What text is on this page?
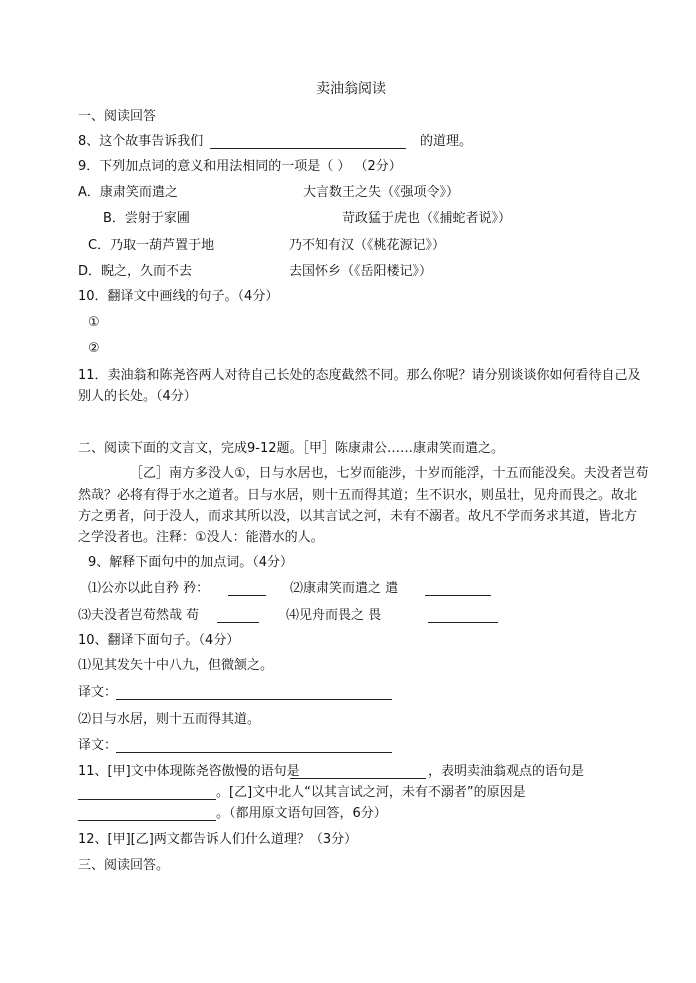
卖油翁阅读
一、阅读回答
8、这个故事告诉我们	的道理。
9．下列加点词的意义和用法相同的一项是（ ） （2分）
A．康肃笑而遣之	大言数王之失（《强项令》）
B．尝射于家圃	苛政猛于虎也（《捕蛇者说》）
C．乃取一葫芦置于地	乃不知有汉（《桃花源记》）
D．睨之，久而不去	去国怀乡（《岳阳楼记》）
10．翻译文中画线的句子。（4分）
①
②
11．卖油翁和陈尧咨两人对待自己长处的态度截然不同。那么你呢？请分别谈谈你如何看待自己及
别人的长处。（4分）
二、阅读下面的文言文，完成9-12题。［甲］陈康肃公……康肃笑而遣之。
［乙］南方多没人①，日与水居也，七岁而能涉，十岁而能浮，十五而能没矣。夫没者岂苟
然哉？必将有得于水之道者。日与水居，则十五而得其道；生不识水，则虽壮，见舟而畏之。故北
方之勇者，问于没人，而求其所以没，以其言试之河，未有不溺者。故凡不学而务求其道，皆北方
之学没者也。注释：①没人：能潜水的人。
9、解释下面句中的加点词。（4分）
⑴公亦以此自矜 矜：	⑵康肃笑而遣之 遣
⑶夫没者岂苟然哉 苟	⑷见舟而畏之 畏
10、翻译下面句子。（4分）
⑴见其发矢十中八九，但微颔之。
译文：
⑵日与水居，则十五而得其道。
译文：
11、[甲]文中体现陈尧咨傲慢的语句是	，表明卖油翁观点的语句是
。[乙]文中北人“以其言试之河，未有不溺者”的原因是
。（都用原文语句回答，6分）
12、[甲][乙]两文都告诉人们什么道理？（3分）
三、阅读回答。
